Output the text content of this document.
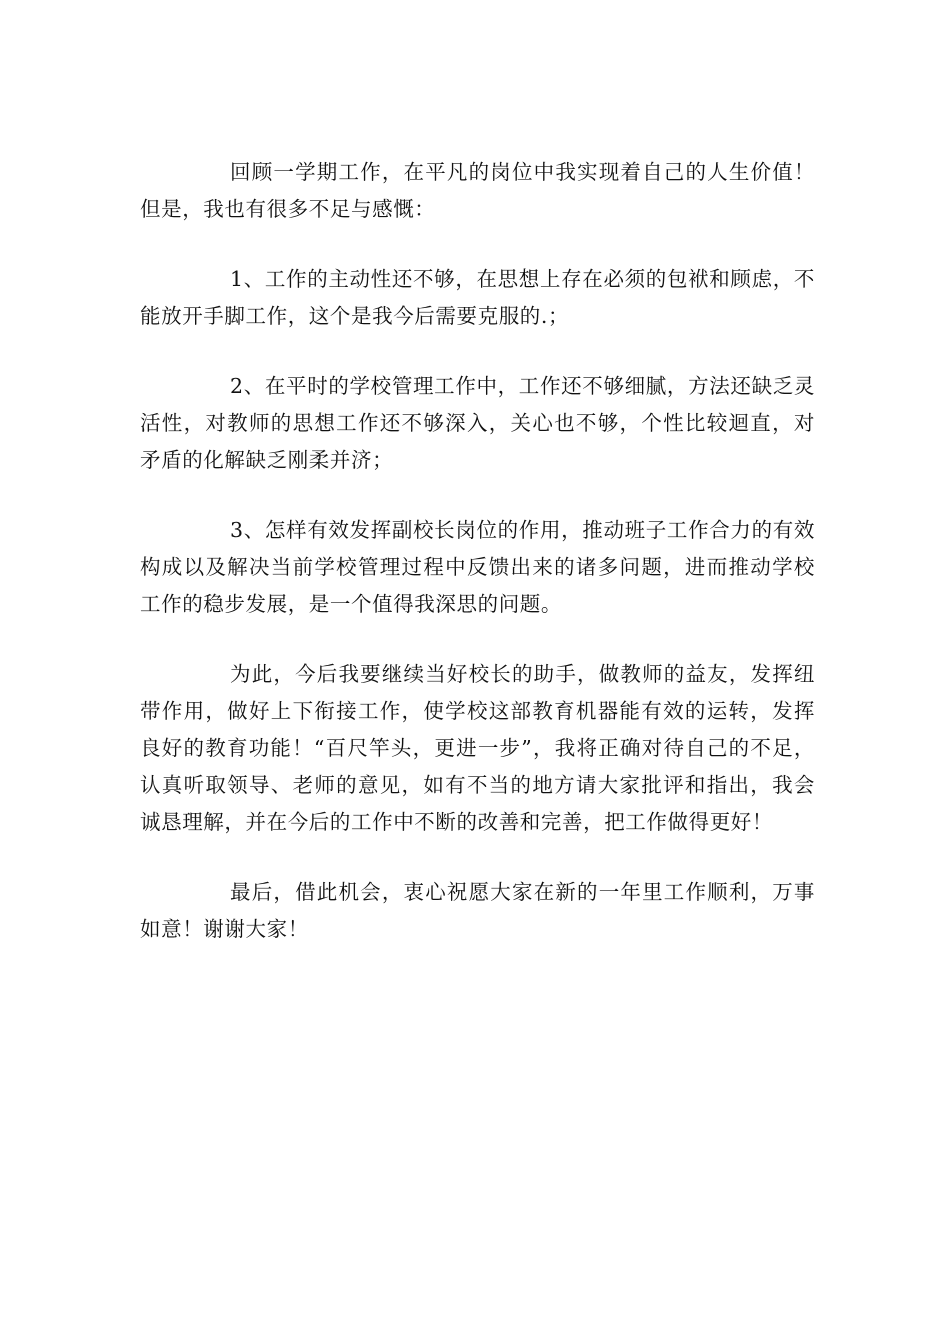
回顾一学期工作，在平凡的岗位中我实现着自己的人生价值！但是，我也有很多不足与感慨：

1、工作的主动性还不够，在思想上存在必须的包袱和顾虑，不能放开手脚工作，这个是我今后需要克服的.；

2、在平时的学校管理工作中，工作还不够细腻，方法还缺乏灵活性，对教师的思想工作还不够深入，关心也不够，个性比较迴直，对矛盾的化解缺乏刚柔并济；

3、怎样有效发挥副校长岗位的作用，推动班子工作合力的有效构成以及解决当前学校管理过程中反馈出来的诸多问题，进而推动学校工作的稳步发展，是一个值得我深思的问题。

为此，今后我要继续当好校长的助手，做教师的益友，发挥纽带作用，做好上下衔接工作，使学校这部教育机器能有效的运转，发挥良好的教育功能！“百尺竿头，更进一步”，我将正确对待自己的不足，认真听取领导、老师的意见，如有不当的地方请大家批评和指出，我会诚恳理解，并在今后的工作中不断的改善和完善，把工作做得更好！

最后，借此机会，衷心祝愿大家在新的一年里工作顺利，万事如意！谢谢大家！
